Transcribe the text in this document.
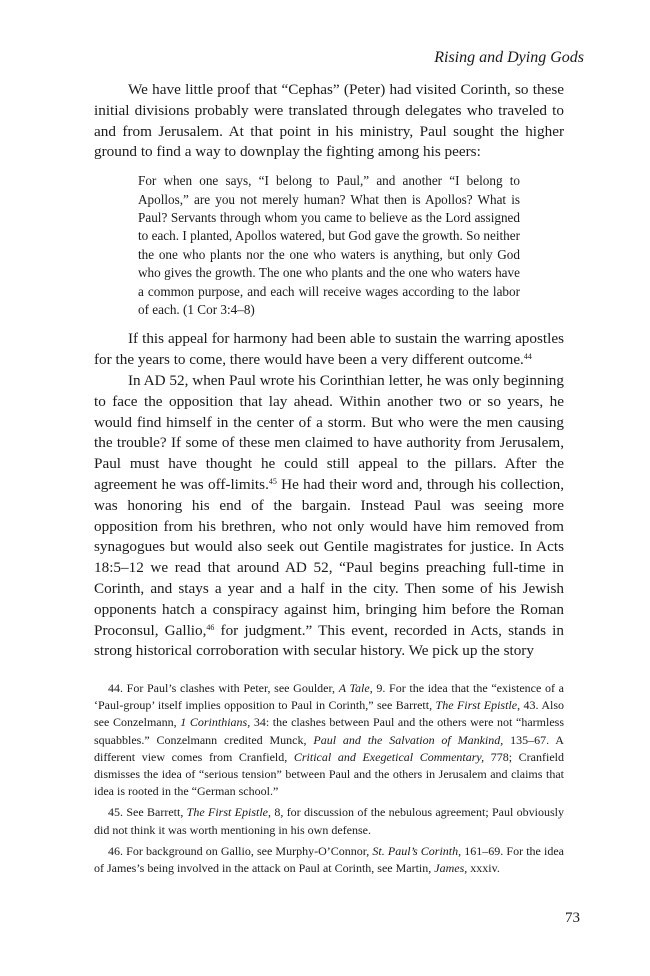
Rising and Dying Gods

We have little proof that “Cephas” (Peter) had visited Corinth, so these initial divisions probably were translated through delegates who traveled to and from Jerusalem. At that point in his ministry, Paul sought the higher ground to find a way to downplay the fighting among his peers:

For when one says, “I belong to Paul,” and another “I belong to Apollos,” are you not merely human? What then is Apollos? What is Paul? Servants through whom you came to believe as the Lord assigned to each. I planted, Apollos watered, but God gave the growth. So neither the one who plants nor the one who waters is anything, but only God who gives the growth. The one who plants and the one who waters have a common purpose, and each will receive wages according to the labor of each. (1 Cor 3:4–8)

If this appeal for harmony had been able to sustain the warring apostles for the years to come, there would have been a very different outcome.$^{44}$

In AD 52, when Paul wrote his Corinthian letter, he was only beginning to face the opposition that lay ahead. Within another two or so years, he would find himself in the center of a storm. But who were the men causing the trouble? If some of these men claimed to have authority from Jerusalem, Paul must have thought he could still appeal to the pillars. After the agreement he was off-limits.$^{45}$ He had their word and, through his collection, was honoring his end of the bargain. Instead Paul was seeing more opposition from his brethren, who not only would have him removed from synagogues but would also seek out Gentile magistrates for justice. In Acts 18:5–12 we read that around AD 52, “Paul begins preaching full-time in Corinth, and stays a year and a half in the city. Then some of his Jewish opponents hatch a conspiracy against him, bringing him before the Roman Proconsul, Gallio,$^{46}$ for judgment.” This event, recorded in Acts, stands in strong historical corroboration with secular history. We pick up the story

44. For Paul’s clashes with Peter, see Goulder, A Tale, 9. For the idea that the “existence of a ‘Paul-group’ itself implies opposition to Paul in Corinth,” see Barrett, The First Epistle, 43. Also see Conzelmann, 1 Corinthians, 34: the clashes between Paul and the others were not “harmless squabbles.” Conzelmann credited Munck, Paul and the Salvation of Mankind, 135–67. A different view comes from Cranfield, Critical and Exegetical Commentary, 778; Cranfield dismisses the idea of “serious tension” between Paul and the others in Jerusalem and claims that idea is rooted in the “German school.”

45. See Barrett, The First Epistle, 8, for discussion of the nebulous agreement; Paul obviously did not think it was worth mentioning in his own defense.

46. For background on Gallio, see Murphy-O’Connor, St. Paul’s Corinth, 161–69. For the idea of James’s being involved in the attack on Paul at Corinth, see Martin, James, xxxiv.

73
